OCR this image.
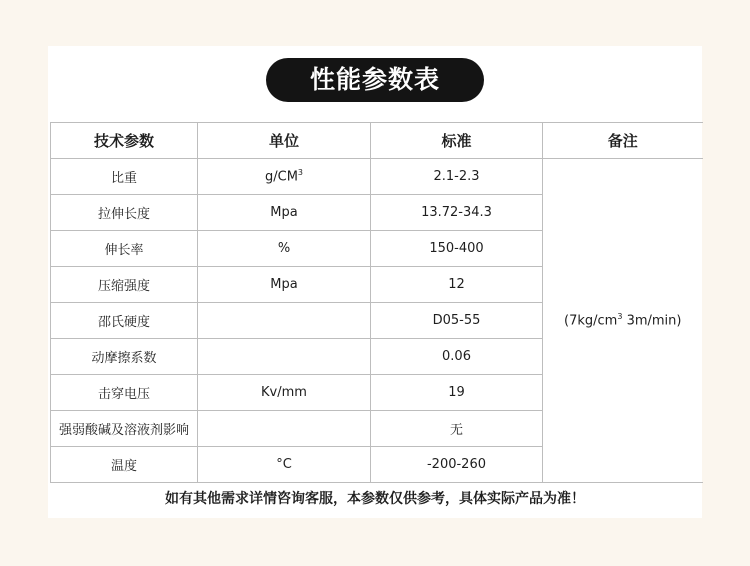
性能参数表
技术参数	单位	标准	备注
比重	$g/CM^3$	2.1-2.3	($7kg/cm^3$ 3m/min)
拉伸长度	Mpa	13.72-34.3	
伸长率	%	150-400	
压缩强度	Mpa	12	
邵氏硬度		D05-55	
动摩擦系数		0.06	
击穿电压	Kv/mm	19	
强弱酸碱及溶液剂影响		无	
温度	°C	-200-260	
如有其他需求详情咨询客服，本参数仅供参考，具体实际产品为准！
